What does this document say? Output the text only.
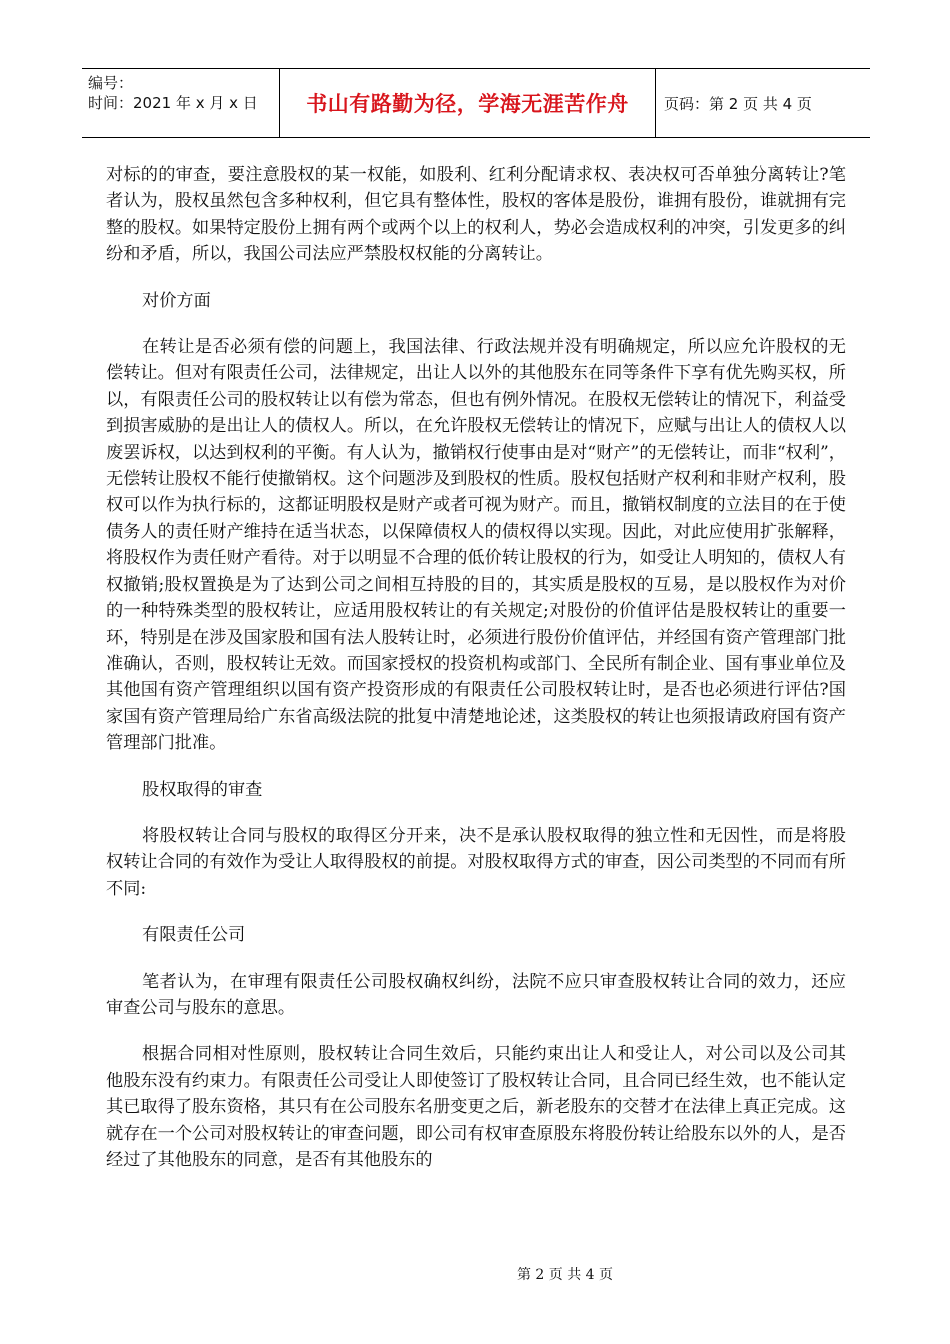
编号：
时间：2021 年 x 月 x 日	书山有路勤为径，学海无涯苦作舟 页码：第 2 页 共 4 页

对标的的审查，要注意股权的某一权能，如股利、红利分配请求权、表决权可否单独分离转让?笔者认为，股权虽然包含多种权利，但它具有整体性，股权的客体是股份，谁拥有股份，谁就拥有完整的股权。如果特定股份上拥有两个或两个以上的权利人，势必会造成权利的冲突，引发更多的纠纷和矛盾，所以，我国公司法应严禁股权权能的分离转让。

对价方面

在转让是否必须有偿的问题上，我国法律、行政法规并没有明确规定，所以应允许股权的无偿转让。但对有限责任公司，法律规定，出让人以外的其他股东在同等条件下享有优先购买权，所以，有限责任公司的股权转让以有偿为常态，但也有例外情况。在股权无偿转让的情况下，利益受到损害威胁的是出让人的债权人。所以，在允许股权无偿转让的情况下，应赋与出让人的债权人以废罢诉权，以达到权利的平衡。有人认为，撤销权行使事由是对“财产”的无偿转让，而非“权利”，无偿转让股权不能行使撤销权。这个问题涉及到股权的性质。股权包括财产权利和非财产权利，股权可以作为执行标的，这都证明股权是财产或者可视为财产。而且，撤销权制度的立法目的在于使债务人的责任财产维持在适当状态，以保障债权人的债权得以实现。因此，对此应使用扩张解释，将股权作为责任财产看待。对于以明显不合理的低价转让股权的行为，如受让人明知的，债权人有权撤销;股权置换是为了达到公司之间相互持股的目的，其实质是股权的互易，是以股权作为对价的一种特殊类型的股权转让，应适用股权转让的有关规定;对股份的价值评估是股权转让的重要一环，特别是在涉及国家股和国有法人股转让时，必须进行股份价值评估，并经国有资产管理部门批准确认，否则，股权转让无效。而国家授权的投资机构或部门、全民所有制企业、国有事业单位及其他国有资产管理组织以国有资产投资形成的有限责任公司股权转让时，是否也必须进行评估?国家国有资产管理局给广东省高级法院的批复中清楚地论述，这类股权的转让也须报请政府国有资产管理部门批准。

股权取得的审查

将股权转让合同与股权的取得区分开来，决不是承认股权取得的独立性和无因性，而是将股权转让合同的有效作为受让人取得股权的前提。对股权取得方式的审查，因公司类型的不同而有所不同:

有限责任公司

笔者认为，在审理有限责任公司股权确权纠纷，法院不应只审查股权转让合同的效力，还应审查公司与股东的意思。

根据合同相对性原则，股权转让合同生效后，只能约束出让人和受让人，对公司以及公司其他股东没有约束力。有限责任公司受让人即使签订了股权转让合同，且合同已经生效，也不能认定其已取得了股东资格，其只有在公司股东名册变更之后，新老股东的交替才在法律上真正完成。这就存在一个公司对股权转让的审查问题，即公司有权审查原股东将股份转让给股东以外的人，是否经过了其他股东的同意，是否有其他股东的

第 2 页 共 4 页
